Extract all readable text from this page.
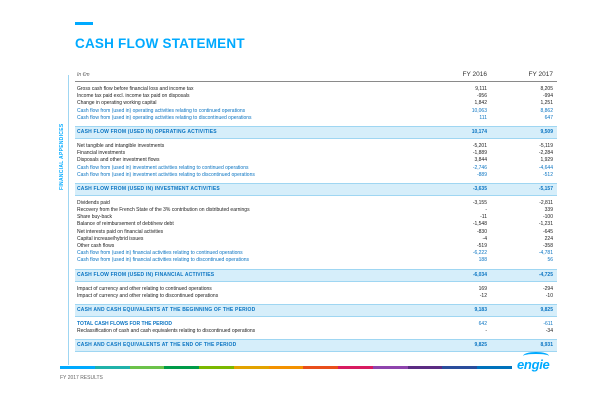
CASH FLOW STATEMENT
FINANCIAL APPENDICES
In €m	FY 2016	FY 2017
Gross cash flow before financial loss and income tax	9,111	8,205
Income tax paid excl. income tax paid on disposals	-956	-994
Change in operating working capital	1,842	1,251
Cash flow from (used in) operating activities relating to continued operations	10,063	8,862
Cash flow from (used in) operating activities relating to discontinued operations	111	647
CASH FLOW FROM (USED IN) OPERATING ACTIVITIES	10,174	9,509
Net tangible and intangible investments	-5,201	-5,119
Financial investments	-1,889	-2,284
Disposals and other investment flows	3,844	1,929
Cash flow from (used in) investment activities relating to continued operations	-2,746	-4,644
Cash flow from (used in) investment activities relating to discontinued operations	-889	-512
CASH FLOW FROM (USED IN) INVESTMENT ACTIVITIES	-3,635	-5,157
Dividends paid	-3,155	-2,811
Recovery from the French State of the 3% contribution on distributed earnings	-	339
Share buy-back	-11	-100
Balance of reimbursement of debt/new debt	-1,548	-1,231
Net interests paid on financial activities	-830	-645
Capital increase/hybrid issues	-4	224
Other cash flows	-519	-358
Cash flow from (used in) financial activities relating to continued operations	-6,222	-4,781
Cash flow from (used in) financial activities relating to discontinued operations	188	56
CASH FLOW FROM (USED IN) FINANCIAL ACTIVITIES	-6,034	-4,725
Impact of currency and other relating to continued operations	169	-294
Impact of currency and other relating to discontinued operations	-12	-10
CASH AND CASH EQUIVALENTS AT THE BEGINNING OF THE PERIOD	9,183	9,825
TOTAL CASH FLOWS FOR THE PERIOD	642	-611
Reclassification of cash and cash equivalents relating to discontinued operations	-	-34
CASH AND CASH EQUIVALENTS AT THE END OF THE PERIOD	9,825	8,931
FY 2017 RESULTS
engie
